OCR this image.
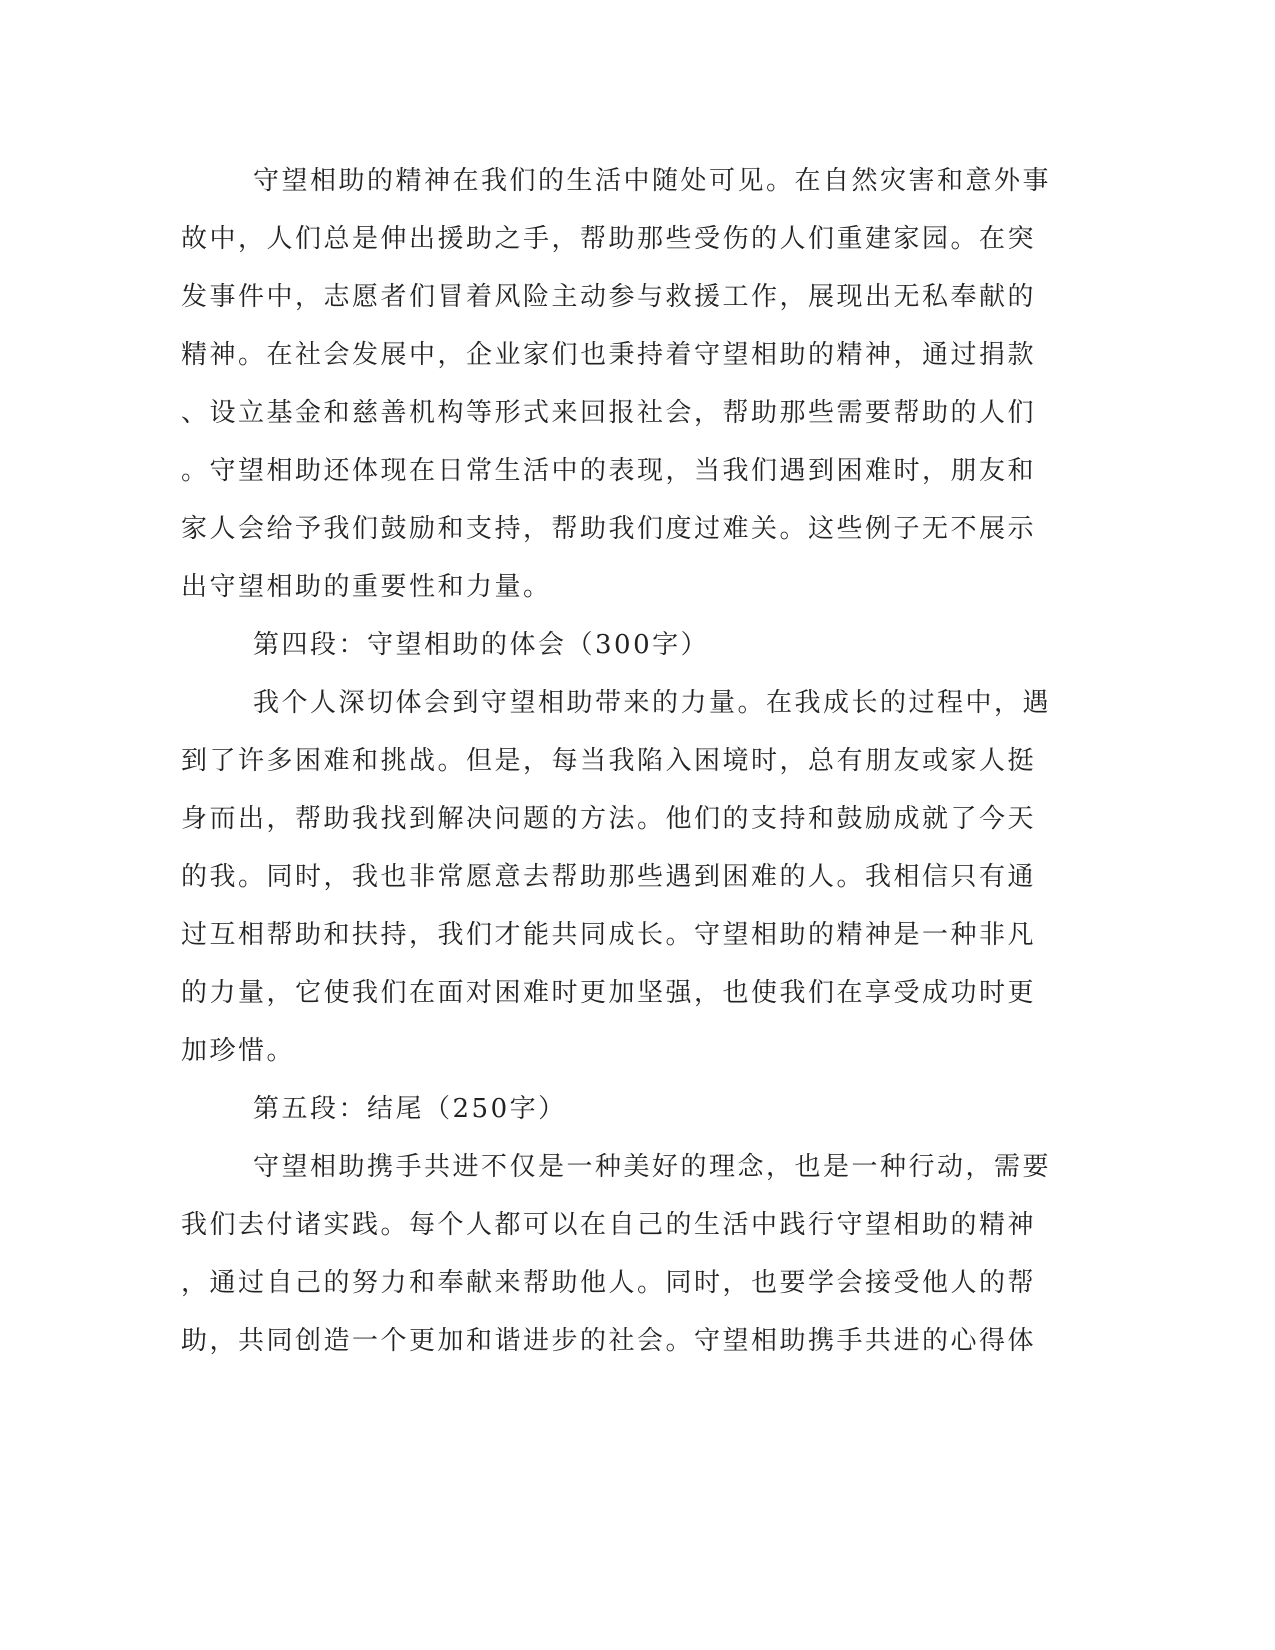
守望相助的精神在我们的生活中随处可见。在自然灾害和意外事

故中，人们总是伸出援助之手，帮助那些受伤的人们重建家园。在突

发事件中，志愿者们冒着风险主动参与救援工作，展现出无私奉献的

精神。在社会发展中，企业家们也秉持着守望相助的精神，通过捐款

、设立基金和慈善机构等形式来回报社会，帮助那些需要帮助的人们

。守望相助还体现在日常生活中的表现，当我们遇到困难时，朋友和

家人会给予我们鼓励和支持，帮助我们度过难关。这些例子无不展示

出守望相助的重要性和力量。

第四段：守望相助的体会（300字）

我个人深切体会到守望相助带来的力量。在我成长的过程中，遇

到了许多困难和挑战。但是，每当我陷入困境时，总有朋友或家人挺

身而出，帮助我找到解决问题的方法。他们的支持和鼓励成就了今天

的我。同时，我也非常愿意去帮助那些遇到困难的人。我相信只有通

过互相帮助和扶持，我们才能共同成长。守望相助的精神是一种非凡

的力量，它使我们在面对困难时更加坚强，也使我们在享受成功时更

加珍惜。

第五段：结尾（250字）

守望相助携手共进不仅是一种美好的理念，也是一种行动，需要

我们去付诸实践。每个人都可以在自己的生活中践行守望相助的精神

，通过自己的努力和奉献来帮助他人。同时，也要学会接受他人的帮

助，共同创造一个更加和谐进步的社会。守望相助携手共进的心得体
